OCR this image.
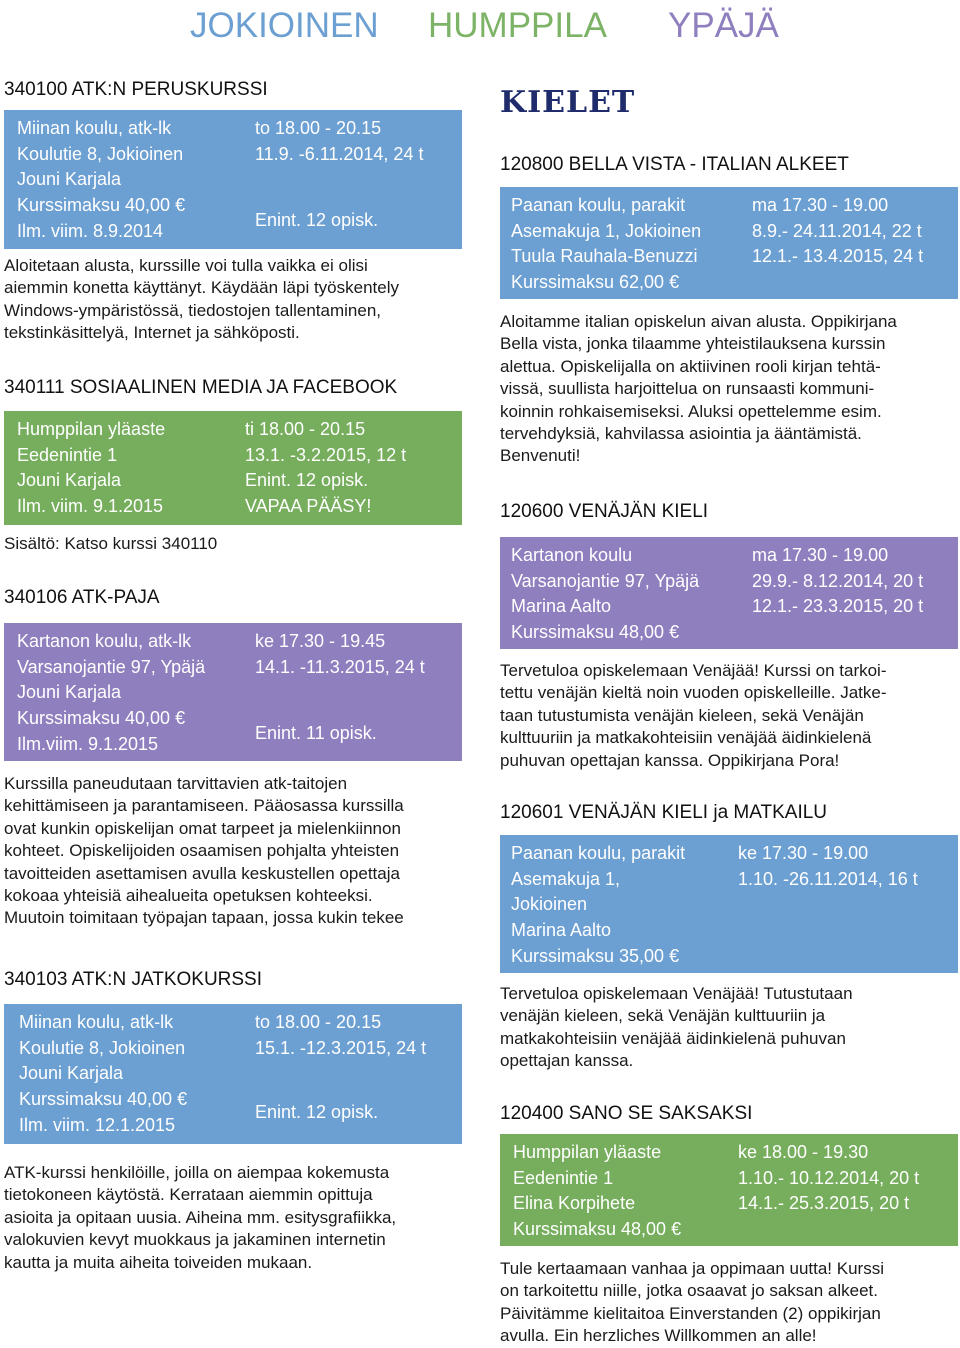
JOKIOINEN HUMPPILA YPÄJÄ
340100 ATK:N PERUSKURSSI
Miinan koulu, atk-lk
Koulutie 8, Jokioinen
Jouni Karjala
Kurssimaksu 40,00 €
Ilm. viim. 8.9.2014
to 18.00 - 20.15
11.9. -6.11.2014, 24 t
Enint. 12 opisk.
Aloitetaan alusta, kurssille voi tulla vaikka ei olisi
aiemmin konetta käyttänyt. Käydään läpi työskentely
Windows-ympäristössä, tiedostojen tallentaminen,
tekstinkäsittelyä, Internet ja sähköposti.
340111 SOSIAALINEN MEDIA JA FACEBOOK
Humppilan yläaste
Eedenintie 1
Jouni Karjala
Ilm. viim. 9.1.2015
ti 18.00 - 20.15
13.1. -3.2.2015, 12 t
Enint. 12 opisk.
VAPAA PÄÄSY!
Sisältö: Katso kurssi 340110
340106 ATK-PAJA
Kartanon koulu, atk-lk
Varsanojantie 97, Ypäjä
Jouni Karjala
Kurssimaksu 40,00 €
Ilm.viim. 9.1.2015
ke 17.30 - 19.45
14.1. -11.3.2015, 24 t
Enint. 11 opisk.
Kurssilla paneudutaan tarvittavien atk-taitojen
kehittämiseen ja parantamiseen. Pääosassa kurssilla
ovat kunkin opiskelijan omat tarpeet ja mielenkiinnon
kohteet. Opiskelijoiden osaamisen pohjalta yhteisten
tavoitteiden asettamisen avulla keskustellen opettaja
kokoaa yhteisiä aihealueita opetuksen kohteeksi.
Muutoin toimitaan työpajan tapaan, jossa kukin tekee
340103 ATK:N JATKOKURSSI
Miinan koulu, atk-lk
Koulutie 8, Jokioinen
Jouni Karjala
Kurssimaksu 40,00 €
Ilm. viim. 12.1.2015
to 18.00 - 20.15
15.1. -12.3.2015, 24 t
Enint. 12 opisk.
ATK-kurssi henkilöille, joilla on aiempaa kokemusta
tietokoneen käytöstä. Kerrataan aiemmin opittuja
asioita ja opitaan uusia. Aiheina mm. esitysgrafiikka,
valokuvien kevyt muokkaus ja jakaminen internetin
kautta ja muita aiheita toiveiden mukaan.
KIELET
120800 BELLA VISTA - ITALIAN ALKEET
Paanan koulu, parakit
Asemakuja 1, Jokioinen
Tuula Rauhala-Benuzzi
Kurssimaksu 62,00 €
ma 17.30 - 19.00
8.9.- 24.11.2014, 22 t
12.1.- 13.4.2015, 24 t
Aloitamme italian opiskelun aivan alusta. Oppikirjana
Bella vista, jonka tilaamme yhteistilauksena kurssin
alettua. Opiskelijalla on aktiivinen rooli kirjan tehtä-
vissä, suullista harjoittelua on runsaasti kommuni-
koinnin rohkaisemiseksi. Aluksi opettelemme esim.
tervehdyksiä, kahvilassa asiointia ja ääntämistä.
Benvenuti!
120600 VENÄJÄN KIELI
Kartanon koulu
Varsanojantie 97, Ypäjä
Marina Aalto
Kurssimaksu 48,00 €
ma 17.30 - 19.00
29.9.- 8.12.2014, 20 t
12.1.- 23.3.2015, 20 t
Tervetuloa opiskelemaan Venäjää! Kurssi on tarkoi-
tettu venäjän kieltä noin vuoden opiskelleille. Jatke-
taan tutustumista venäjän kieleen, sekä Venäjän
kulttuuriin ja matkakohteisiin venäjää äidinkielenä
puhuvan opettajan kanssa. Oppikirjana Pora!
120601 VENÄJÄN KIELI ja MATKAILU
Paanan koulu, parakit
Asemakuja 1,
Jokioinen
Marina Aalto
Kurssimaksu 35,00 €
ke 17.30 - 19.00
1.10. -26.11.2014, 16 t
Tervetuloa opiskelemaan Venäjää! Tutustutaan
venäjän kieleen, sekä Venäjän kulttuuriin ja
matkakohteisiin venäjää äidinkielenä puhuvan
opettajan kanssa.
120400 SANO SE SAKSAKSI
Humppilan yläaste
Eedenintie 1
Elina Korpihete
Kurssimaksu 48,00 €
ke 18.00 - 19.30
1.10.- 10.12.2014, 20 t
14.1.- 25.3.2015, 20 t
Tule kertaamaan vanhaa ja oppimaan uutta! Kurssi
on tarkoitettu niille, jotka osaavat jo saksan alkeet.
Päivitämme kielitaitoa Einverstanden (2) oppikirjan
avulla. Ein herzliches Willkommen an alle!
